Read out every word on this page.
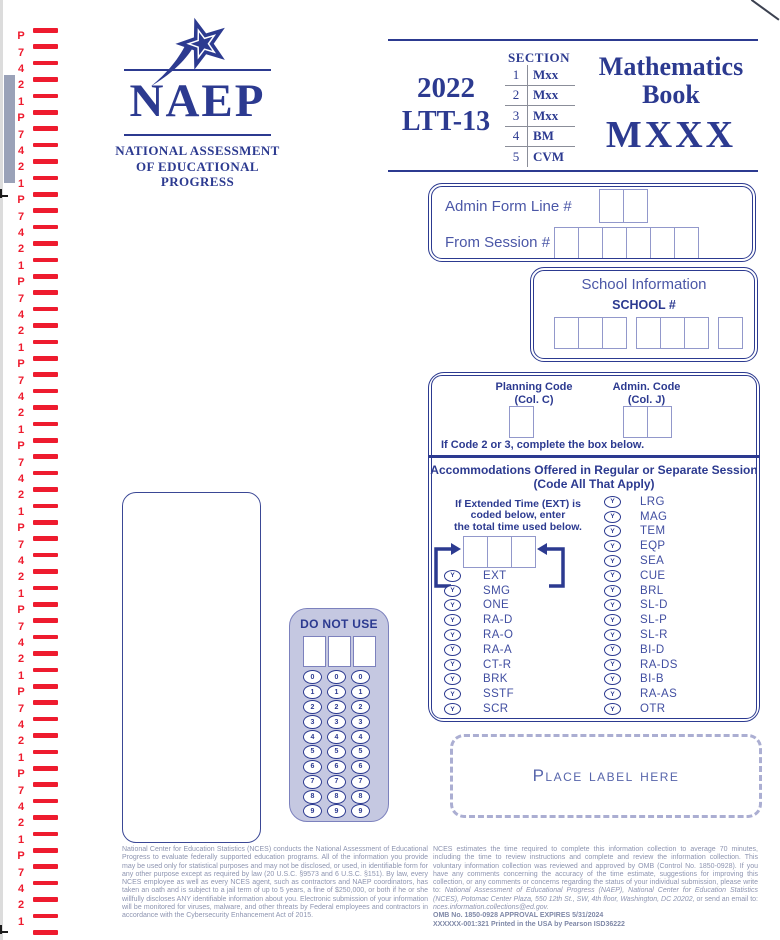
P
7
4
2
1
P
7
4
2
1
P
7
4
2
1
P
7
4
2
1
P
7
4
2
1
P
7
4
2
1
P
7
4
2
1
P
7
4
2
1
P
7
4
2
1
P
7
4
2
1
P
7
4
2
1
NAEP
NATIONAL ASSESSMENT
OF EDUCATIONAL
PROGRESS
2022
LTT-13
SECTION
1	Mxx
2	Mxx
3	Mxx
4	BM
5	CVM
Mathematics
Book
MXXX
Admin Form Line #
From Session #
School Information
SCHOOL #
Planning Code
(Col. C)
Admin. Code
(Col. J)
If Code 2 or 3, complete the box below.
Accommodations Offered in Regular or Separate Session
(Code All That Apply)
If Extended Time (EXT) is
coded below, enter
the total time used below.
Y	EXT
Y	SMG
Y	ONE
Y	RA-D
Y	RA-O
Y	RA-A
Y	CT-R
Y	BRK
Y	SSTF
Y	SCR
Y	LRG
Y	MAG
Y	TEM
Y	EQP
Y	SEA
Y	CUE
Y	BRL
Y	SL-D
Y	SL-P
Y	SL-R
Y	BI-D
Y	RA-DS
Y	BI-B
Y	RA-AS
Y	OTR
DO NOT USE
0	0	0
1	1	1
2	2	2
3	3	3
4	4	4
5	5	5
6	6	6
7	7	7
8	8	8
9	9	9
Place label here
National Center for Education Statistics (NCES) conducts the National Assessment of Educational Progress to evaluate federally supported education programs. All of the information you provide may be used only for statistical purposes and may not be disclosed, or used, in identifiable form for any other purpose except as required by law (20 U.S.C. §9573 and 6 U.S.C. §151). By law, every NCES employee as well as every NCES agent, such as contractors and NAEP coordinators, has taken an oath and is subject to a jail term of up to 5 years, a fine of $250,000, or both if he or she willfully discloses ANY identifiable information about you. Electronic submission of your information will be monitored for viruses, malware, and other threats by Federal employees and contractors in accordance with the Cybersecurity Enhancement Act of 2015.
NCES estimates the time required to complete this information collection to average 70 minutes, including the time to review instructions and complete and review the information collection. This voluntary information collection was reviewed and approved by OMB (Control No. 1850-0928). If you have any comments concerning the accuracy of the time estimate, suggestions for improving this collection, or any comments or concerns regarding the status of your individual submission, please write to: National Assessment of Educational Progress (NAEP), National Center for Education Statistics (NCES), Potomac Center Plaza, 550 12th St., SW, 4th floor, Washington, DC 20202, or send an email to: nces.information.collections@ed.gov.
OMB No. 1850-0928 APPROVAL EXPIRES 5/31/2024
XXXXXX-001:321 Printed in the USA by Pearson ISD36222
